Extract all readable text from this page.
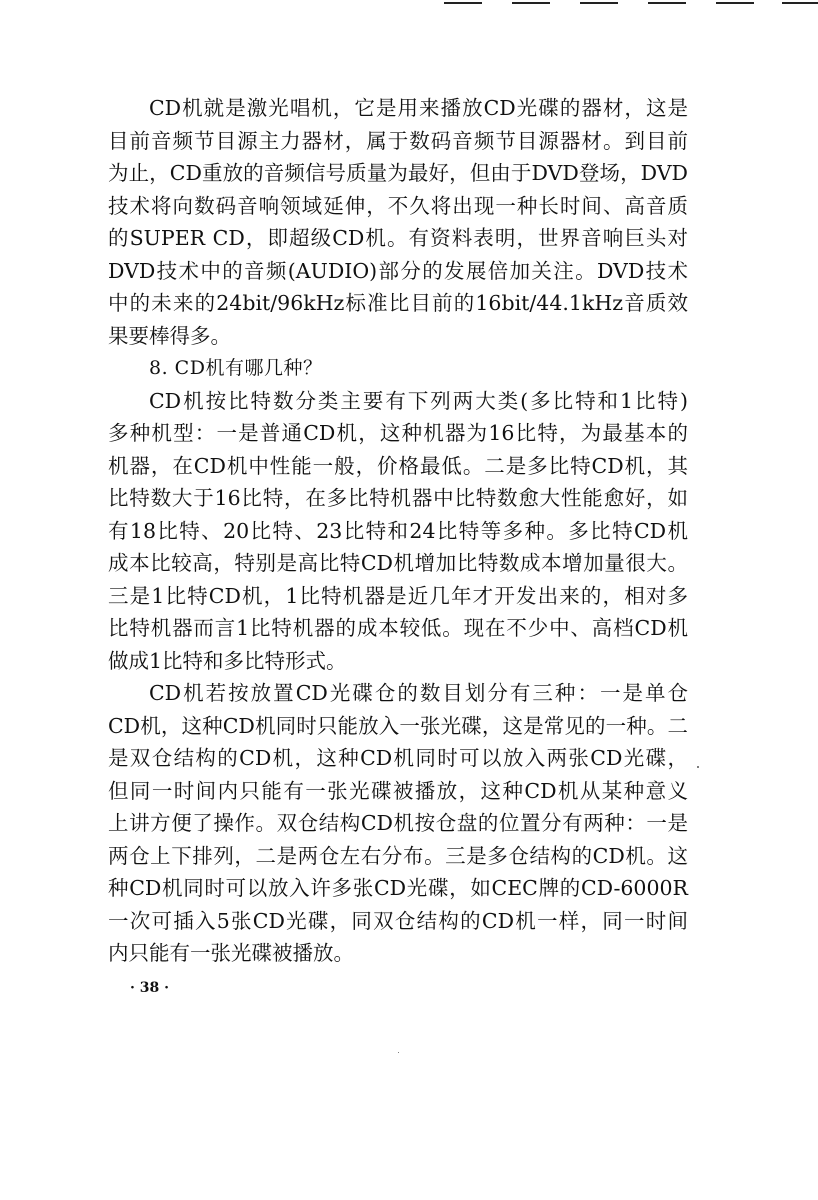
CD机就是激光唱机，它是用来播放CD光碟的器材，这是
目前音频节目源主力器材，属于数码音频节目源器材。到目前
为止，CD重放的音频信号质量为最好，但由于DVD登场，DVD
技术将向数码音响领域延伸，不久将出现一种长时间、高音质
的SUPER CD，即超级CD机。有资料表明，世界音响巨头对
DVD技术中的音频(AUDIO)部分的发展倍加关注。DVD技术
中的未来的24bit/96kHz标准比目前的16bit/44.1kHz音质效
果要棒得多。
8. CD机有哪几种？
CD机按比特数分类主要有下列两大类(多比特和1比特)
多种机型：一是普通CD机，这种机器为16比特，为最基本的
机器，在CD机中性能一般，价格最低。二是多比特CD机，其
比特数大于16比特，在多比特机器中比特数愈大性能愈好，如
有18比特、20比特、23比特和24比特等多种。多比特CD机
成本比较高，特别是高比特CD机增加比特数成本增加量很大。
三是1比特CD机，1比特机器是近几年才开发出来的，相对多
比特机器而言1比特机器的成本较低。现在不少中、高档CD机
做成1比特和多比特形式。
CD机若按放置CD光碟仓的数目划分有三种：一是单仓
CD机，这种CD机同时只能放入一张光碟，这是常见的一种。二
是双仓结构的CD机，这种CD机同时可以放入两张CD光碟，
但同一时间内只能有一张光碟被播放，这种CD机从某种意义
上讲方便了操作。双仓结构CD机按仓盘的位置分有两种：一是
两仓上下排列，二是两仓左右分布。三是多仓结构的CD机。这
种CD机同时可以放入许多张CD光碟，如CEC牌的CD-6000R
一次可插入5张CD光碟，同双仓结构的CD机一样，同一时间
内只能有一张光碟被播放。
· 38 ·
